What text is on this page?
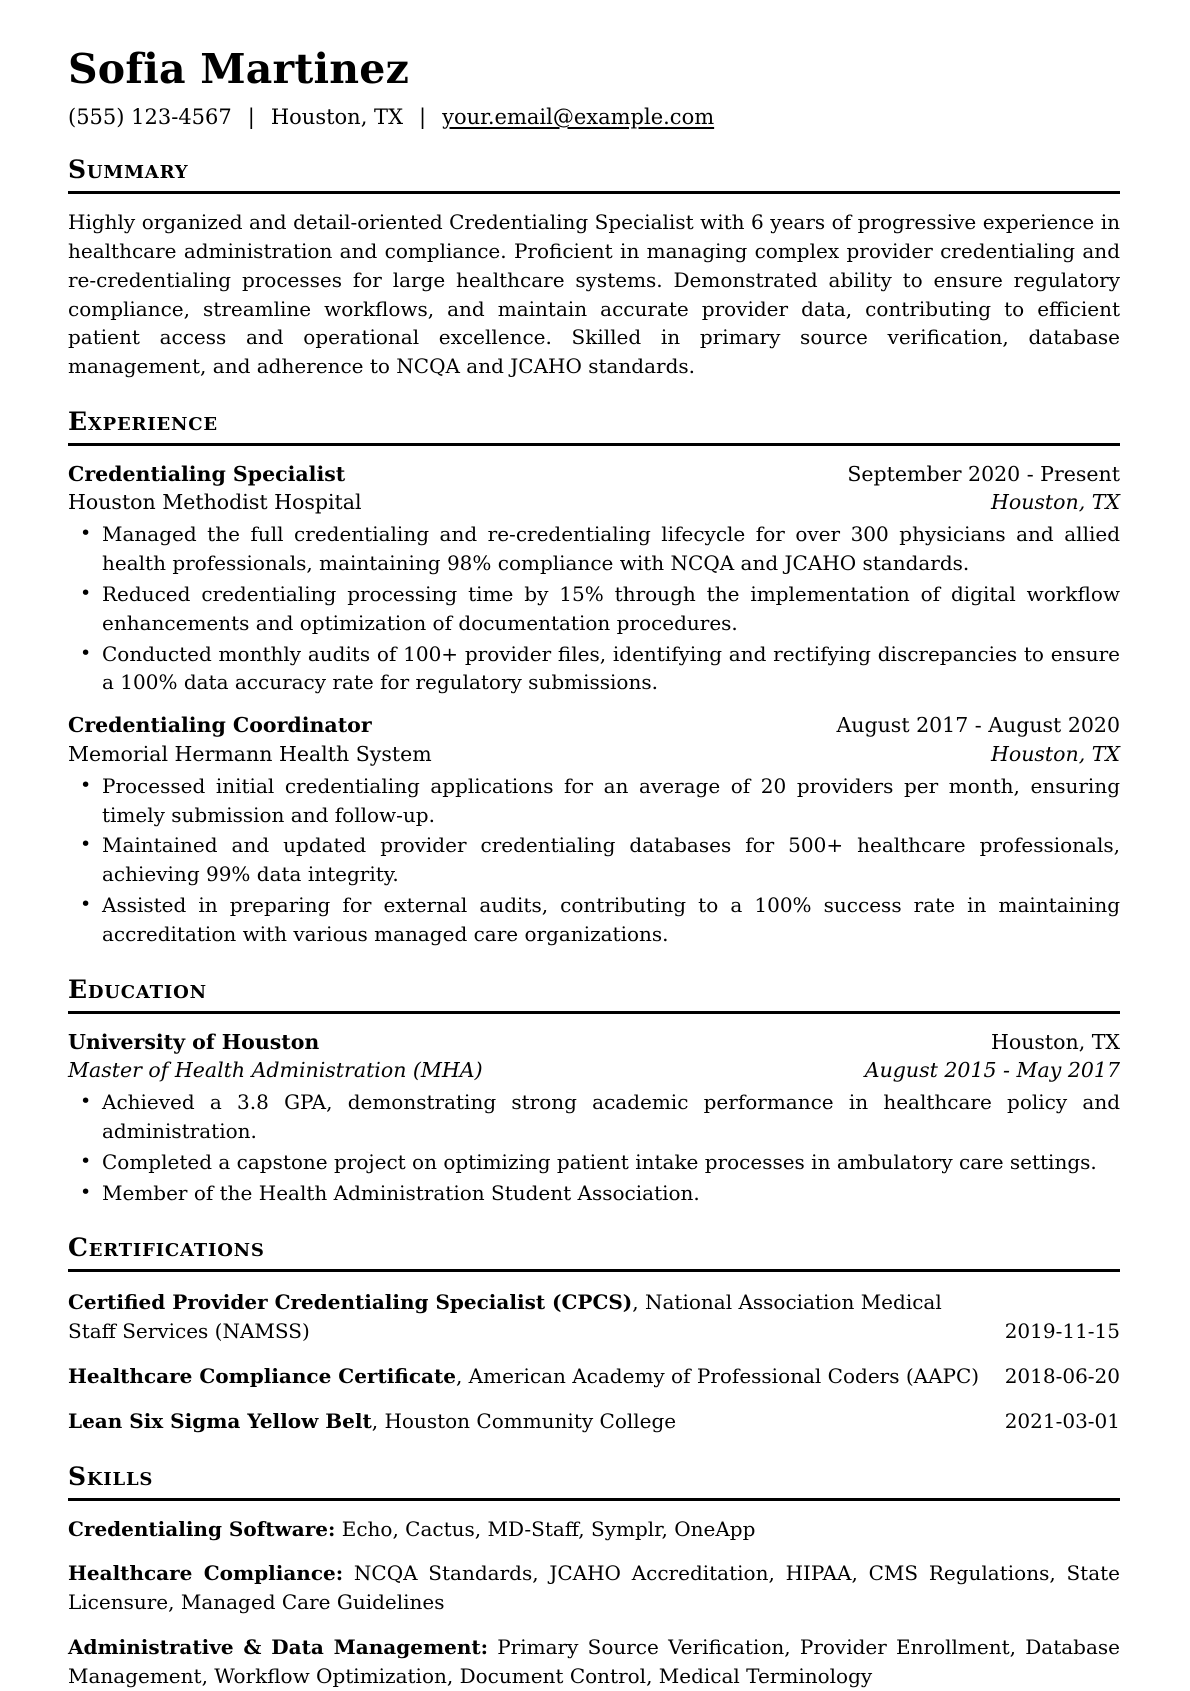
Sofia Martinez
(555) 123-4567 | Houston, TX | your.email@example.com
Summary

Highly organized and detail-oriented Credentialing Specialist with 6 years of progressive experience in healthcare administration and compliance. Proficient in managing complex provider credentialing and re-credentialing processes for large healthcare systems. Demonstrated ability to ensure regulatory compliance, streamline workflows, and maintain accurate provider data, contributing to efficient patient access and operational excellence. Skilled in primary source verification, database management, and adherence to NCQA and JCAHO standards.

Experience
Credentialing Specialist	September 2020 - Present
Houston Methodist Hospital	Houston, TX
• Managed the full credentialing and re-credentialing lifecycle for over 300 physicians and allied health professionals, maintaining 98% compliance with NCQA and JCAHO standards.
• Reduced credentialing processing time by 15% through the implementation of digital workflow enhancements and optimization of documentation procedures.
• Conducted monthly audits of 100+ provider files, identifying and rectifying discrepancies to ensure a 100% data accuracy rate for regulatory submissions.
Credentialing Coordinator	August 2017 - August 2020
Memorial Hermann Health System	Houston, TX
• Processed initial credentialing applications for an average of 20 providers per month, ensuring timely submission and follow-up.
• Maintained and updated provider credentialing databases for 500+ healthcare professionals, achieving 99% data integrity.
• Assisted in preparing for external audits, contributing to a 100% success rate in maintaining accreditation with various managed care organizations.
Education
University of Houston	Houston, TX
Master of Health Administration (MHA)	August 2015 - May 2017
• Achieved a 3.8 GPA, demonstrating strong academic performance in healthcare policy and administration.
• Completed a capstone project on optimizing patient intake processes in ambulatory care settings.
• Member of the Health Administration Student Association.
Certifications
Certified Provider Credentialing Specialist (CPCS), National Association Medical Staff Services (NAMSS)	2019-11-15
Healthcare Compliance Certificate, American Academy of Professional Coders (AAPC)	2018-06-20
Lean Six Sigma Yellow Belt, Houston Community College	2021-03-01
Skills

Credentialing Software: Echo, Cactus, MD-Staff, Symplr, OneApp

Healthcare Compliance: NCQA Standards, JCAHO Accreditation, HIPAA, CMS Regulations, State Licensure, Managed Care Guidelines

Administrative & Data Management: Primary Source Verification, Provider Enrollment, Database Management, Workflow Optimization, Document Control, Medical Terminology
